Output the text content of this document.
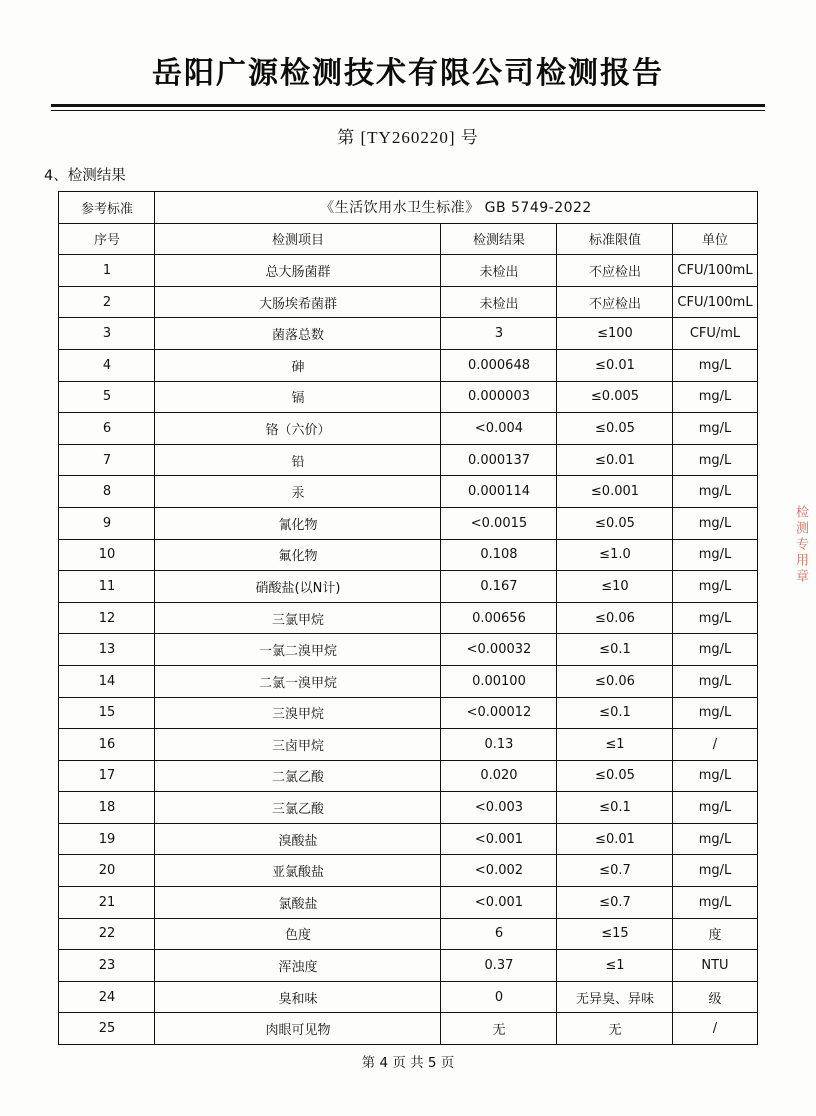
岳阳广源检测技术有限公司检测报告
第 [TY260220] 号
4、检测结果
参考标准	《生活饮用水卫生标准》 GB 5749-2022			
序号	检测项目	检测结果	标准限值	单位
1	总大肠菌群	未检出	不应检出	CFU/100mL
2	大肠埃希菌群	未检出	不应检出	CFU/100mL
3	菌落总数	3	≤100	CFU/mL
4	砷	0.000648	≤0.01	mg/L
5	镉	0.000003	≤0.005	mg/L
6	铬（六价）	<0.004	≤0.05	mg/L
7	铅	0.000137	≤0.01	mg/L
8	汞	0.000114	≤0.001	mg/L
9	氰化物	<0.0015	≤0.05	mg/L
10	氟化物	0.108	≤1.0	mg/L
11	硝酸盐(以N计)	0.167	≤10	mg/L
12	三氯甲烷	0.00656	≤0.06	mg/L
13	一氯二溴甲烷	<0.00032	≤0.1	mg/L
14	二氯一溴甲烷	0.00100	≤0.06	mg/L
15	三溴甲烷	<0.00012	≤0.1	mg/L
16	三卤甲烷	0.13	≤1	/
17	二氯乙酸	0.020	≤0.05	mg/L
18	三氯乙酸	<0.003	≤0.1	mg/L
19	溴酸盐	<0.001	≤0.01	mg/L
20	亚氯酸盐	<0.002	≤0.7	mg/L
21	氯酸盐	<0.001	≤0.7	mg/L
22	色度	6	≤15	度
23	浑浊度	0.37	≤1	NTU
24	臭和味	0	无异臭、异味	级
25	肉眼可见物	无	无	/
第 4 页 共 5 页
检测专用章
